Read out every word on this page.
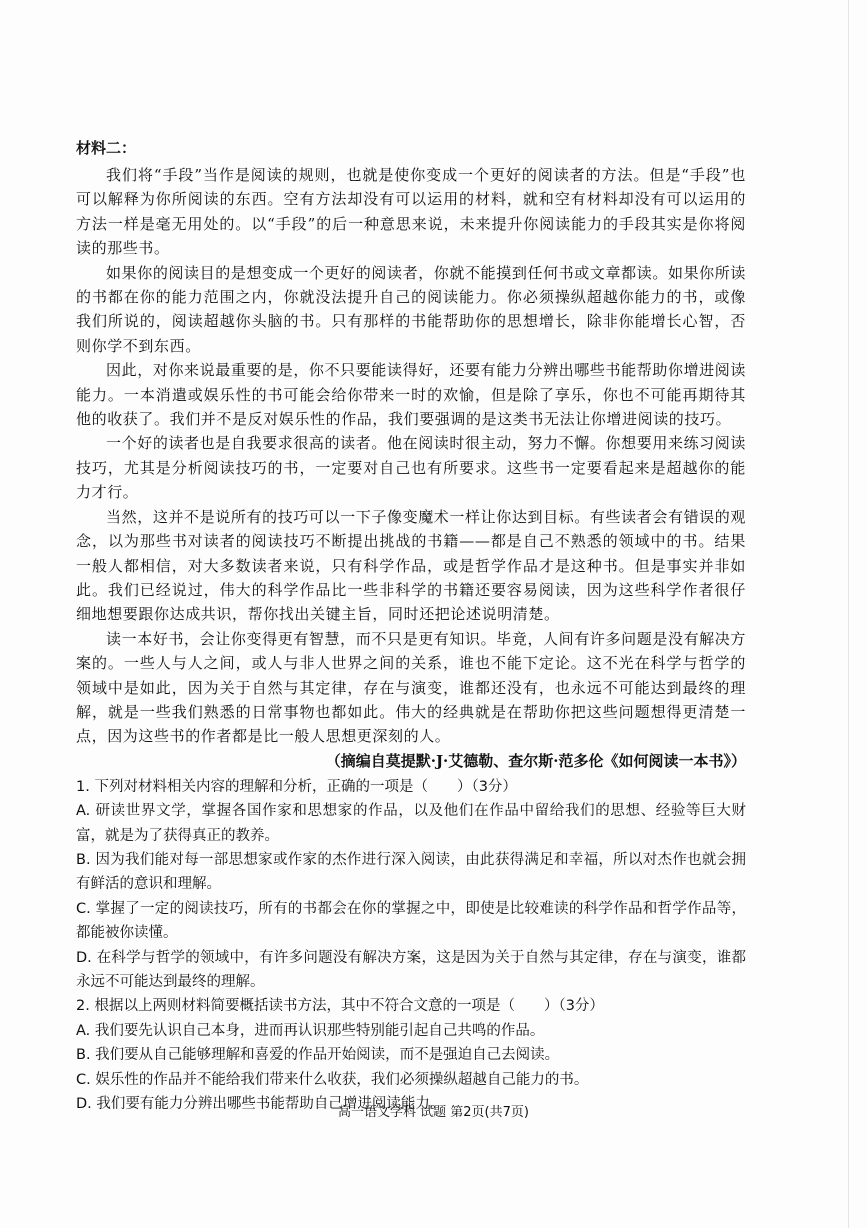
材料二：

我们将“手段”当作是阅读的规则，也就是使你变成一个更好的阅读者的方法。但是“手段”也可以解释为你所阅读的东西。空有方法却没有可以运用的材料，就和空有材料却没有可以运用的方法一样是毫无用处的。以“手段”的后一种意思来说，未来提升你阅读能力的手段其实是你将阅读的那些书。

如果你的阅读目的是想变成一个更好的阅读者，你就不能摸到任何书或文章都读。如果你所读的书都在你的能力范围之内，你就没法提升自己的阅读能力。你必须操纵超越你能力的书，或像我们所说的，阅读超越你头脑的书。只有那样的书能帮助你的思想增长，除非你能增长心智，否则你学不到东西。

因此，对你来说最重要的是，你不只要能读得好，还要有能力分辨出哪些书能帮助你增进阅读能力。一本消遣或娱乐性的书可能会给你带来一时的欢愉，但是除了享乐，你也不可能再期待其他的收获了。我们并不是反对娱乐性的作品，我们要强调的是这类书无法让你增进阅读的技巧。

一个好的读者也是自我要求很高的读者。他在阅读时很主动，努力不懈。你想要用来练习阅读技巧，尤其是分析阅读技巧的书，一定要对自己也有所要求。这些书一定要看起来是超越你的能力才行。

当然，这并不是说所有的技巧可以一下子像变魔术一样让你达到目标。有些读者会有错误的观念，以为那些书对读者的阅读技巧不断提出挑战的书籍——都是自己不熟悉的领域中的书。结果一般人都相信，对大多数读者来说，只有科学作品，或是哲学作品才是这种书。但是事实并非如此。我们已经说过，伟大的科学作品比一些非科学的书籍还要容易阅读，因为这些科学作者很仔细地想要跟你达成共识，帮你找出关键主旨，同时还把论述说明清楚。

读一本好书，会让你变得更有智慧，而不只是更有知识。毕竟，人间有许多问题是没有解决方案的。一些人与人之间，或人与非人世界之间的关系，谁也不能下定论。这不光在科学与哲学的领域中是如此，因为关于自然与其定律，存在与演变，谁都还没有，也永远不可能达到最终的理解，就是一些我们熟悉的日常事物也都如此。伟大的经典就是在帮助你把这些问题想得更清楚一点，因为这些书的作者都是比一般人思想更深刻的人。

（摘编自莫提默·J·艾德勒、查尔斯·范多伦《如何阅读一本书》）

1. 下列对材料相关内容的理解和分析，正确的一项是（　　）（3分）

A. 研读世界文学，掌握各国作家和思想家的作品，以及他们在作品中留给我们的思想、经验等巨大财富，就是为了获得真正的教养。

B. 因为我们能对每一部思想家或作家的杰作进行深入阅读，由此获得满足和幸福，所以对杰作也就会拥有鲜活的意识和理解。

C. 掌握了一定的阅读技巧，所有的书都会在你的掌握之中，即使是比较难读的科学作品和哲学作品等，都能被你读懂。

D. 在科学与哲学的领域中，有许多问题没有解决方案，这是因为关于自然与其定律，存在与演变，谁都永远不可能达到最终的理解。

2. 根据以上两则材料简要概括读书方法，其中不符合文意的一项是（　　）（3分）

A. 我们要先认识自己本身，进而再认识那些特别能引起自己共鸣的作品。

B. 我们要从自己能够理解和喜爱的作品开始阅读，而不是强迫自己去阅读。

C. 娱乐性的作品并不能给我们带来什么收获，我们必须操纵超越自己能力的书。

D. 我们要有能力分辨出哪些书能帮助自己增进阅读能力。

高一语文学科 试题 第2页(共7页)
